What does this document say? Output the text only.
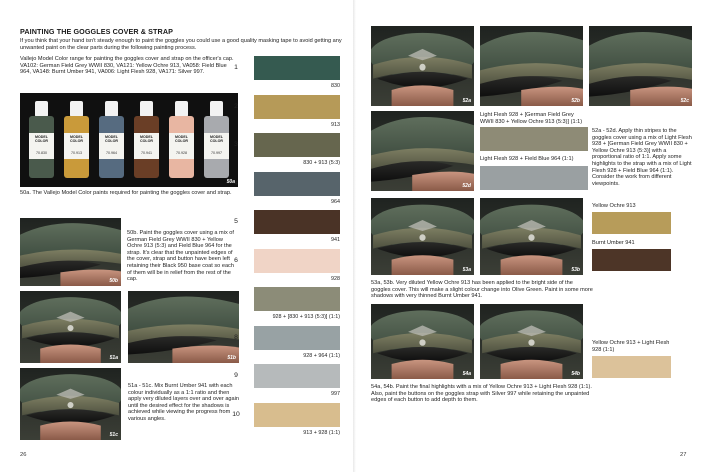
PAINTING THE GOGGLES COVER & STRAP
If you think that your hand isn't steady enough to paint the goggles you could use a good quality masking tape to avoid getting any unwanted paint on the clear parts during the following painting process.
Vallejo Model Color range for painting the goggles cover and strap on the officer's cap. VA102: German Field Grey WWII 830, VA121: Yellow Ochre 913, VA058: Field Blue 964, VA148: Burnt Umber 941, VA006: Light Flesh 928, VA171: Silver 997.
MODEL COLOR
70.830
MODEL COLOR
70.913
MODEL COLOR
70.964
MODEL COLOR
70.941
MODEL COLOR
70.928
MODEL COLOR
70.997
50a
50a. The Vallejo Model Color paints required for painting the goggles cover and strap.
50b
50b. Paint the goggles cover using a mix of German Field Grey WWII 830 + Yellow Ochre 913 (5:3) and Field Blue 964 for the strap. It's clear that the unpainted edges of the cover, strap and button have been left retaining their Black 950 base coat so each of them will be in relief from the rest of the cap.
51a	51b
51c
51a - 51c. Mix Burnt Umber 941 with each colour individually as a 1:1 ratio and then apply very diluted layers over and over again until the desired effect for the shadows is achieved while viewing the progress from various angles.
26
1
830
2
913
3
830 + 913 (5:3)
4
964
5
941
6
928
7
928 + [830 + 913 (5:3)] (1:1)
8
928 + 964 (1:1)
9
997
10
913 + 928 (1:1)
52a	52b	52c
52d
Light Flesh 928 + [German Field Grey WWII 830 + Yellow Ochre 913 (5:3)] (1:1)
Light Flesh 928 + Field Blue 964 (1:1)
52a - 52d. Apply thin stripes to the goggles cover using a mix of Light Flesh 928 + [German Field Grey WWII 830 + Yellow Ochre 913 (5:3)] with a proportional ratio of 1:1. Apply some highlights to the strap with a mix of Light Flesh 928 + Field Blue 964 (1:1). Consider the work from different viewpoints.
53a	53b
Yellow Ochre 913
Burnt Umber 941
53a, 53b. Very diluted Yellow Ochre 913 has been applied to the bright side of the goggles cover. This will make a slight colour change into Olive Green. Paint in some more shadows with very thinned Burnt Umber 941.
54a	54b
Yellow Ochre 913 + Light Flesh 928 (1:1)
54a, 54b. Paint the final highlights with a mix of Yellow Ochre 913 + Light Flesh 928 (1:1). Also, paint the buttons on the goggles strap with Silver 997 while retaining the unpainted edges of each button to add depth to them.
27
